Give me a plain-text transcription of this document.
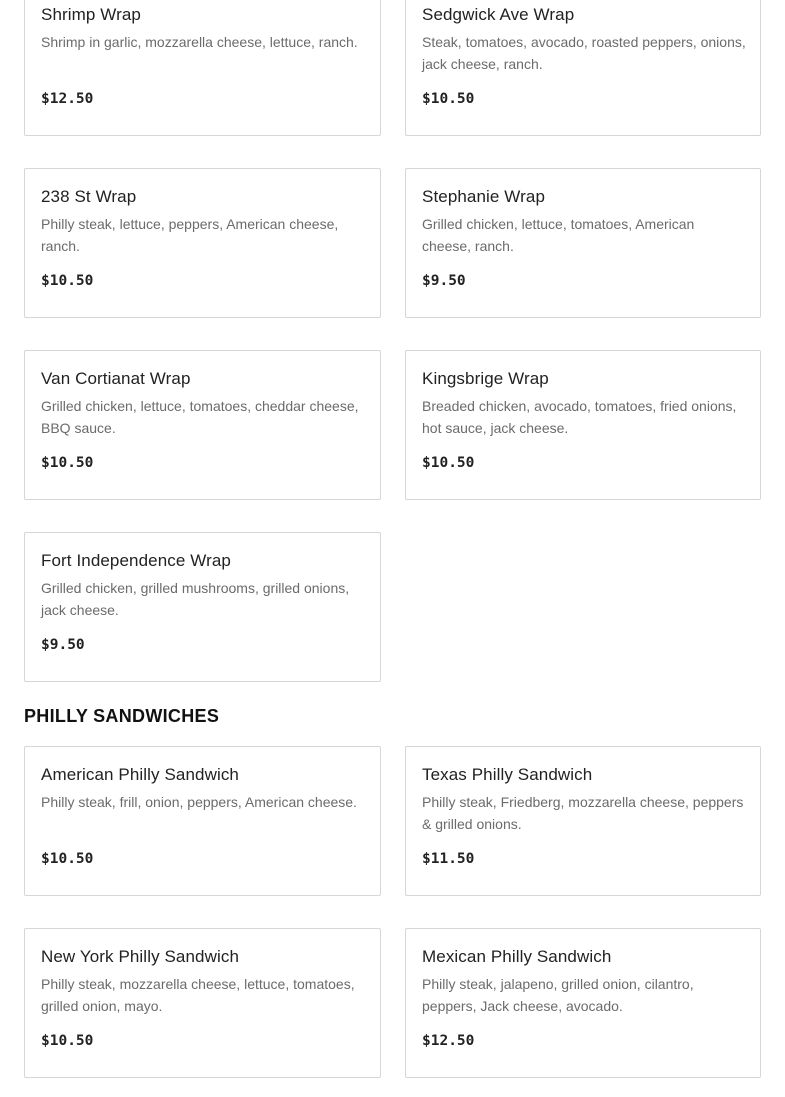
Shrimp Wrap
Shrimp in garlic, mozzarella cheese, lettuce, ranch.
$12.50
Sedgwick Ave Wrap
Steak, tomatoes, avocado, roasted peppers, onions, jack cheese, ranch.
$10.50
238 St Wrap
Philly steak, lettuce, peppers, American cheese, ranch.
$10.50
Stephanie Wrap
Grilled chicken, lettuce, tomatoes, American cheese, ranch.
$9.50
Van Cortianat Wrap
Grilled chicken, lettuce, tomatoes, cheddar cheese, BBQ sauce.
$10.50
Kingsbrige Wrap
Breaded chicken, avocado, tomatoes, fried onions, hot sauce, jack cheese.
$10.50
Fort Independence Wrap
Grilled chicken, grilled mushrooms, grilled onions, jack cheese.
$9.50
PHILLY SANDWICHES
American Philly Sandwich
Philly steak, frill, onion, peppers, American cheese.
$10.50
Texas Philly Sandwich
Philly steak, Friedberg, mozzarella cheese, peppers & grilled onions.
$11.50
New York Philly Sandwich
Philly steak, mozzarella cheese, lettuce, tomatoes, grilled onion, mayo.
$10.50
Mexican Philly Sandwich
Philly steak, jalapeno, grilled onion, cilantro, peppers, Jack cheese, avocado.
$12.50
